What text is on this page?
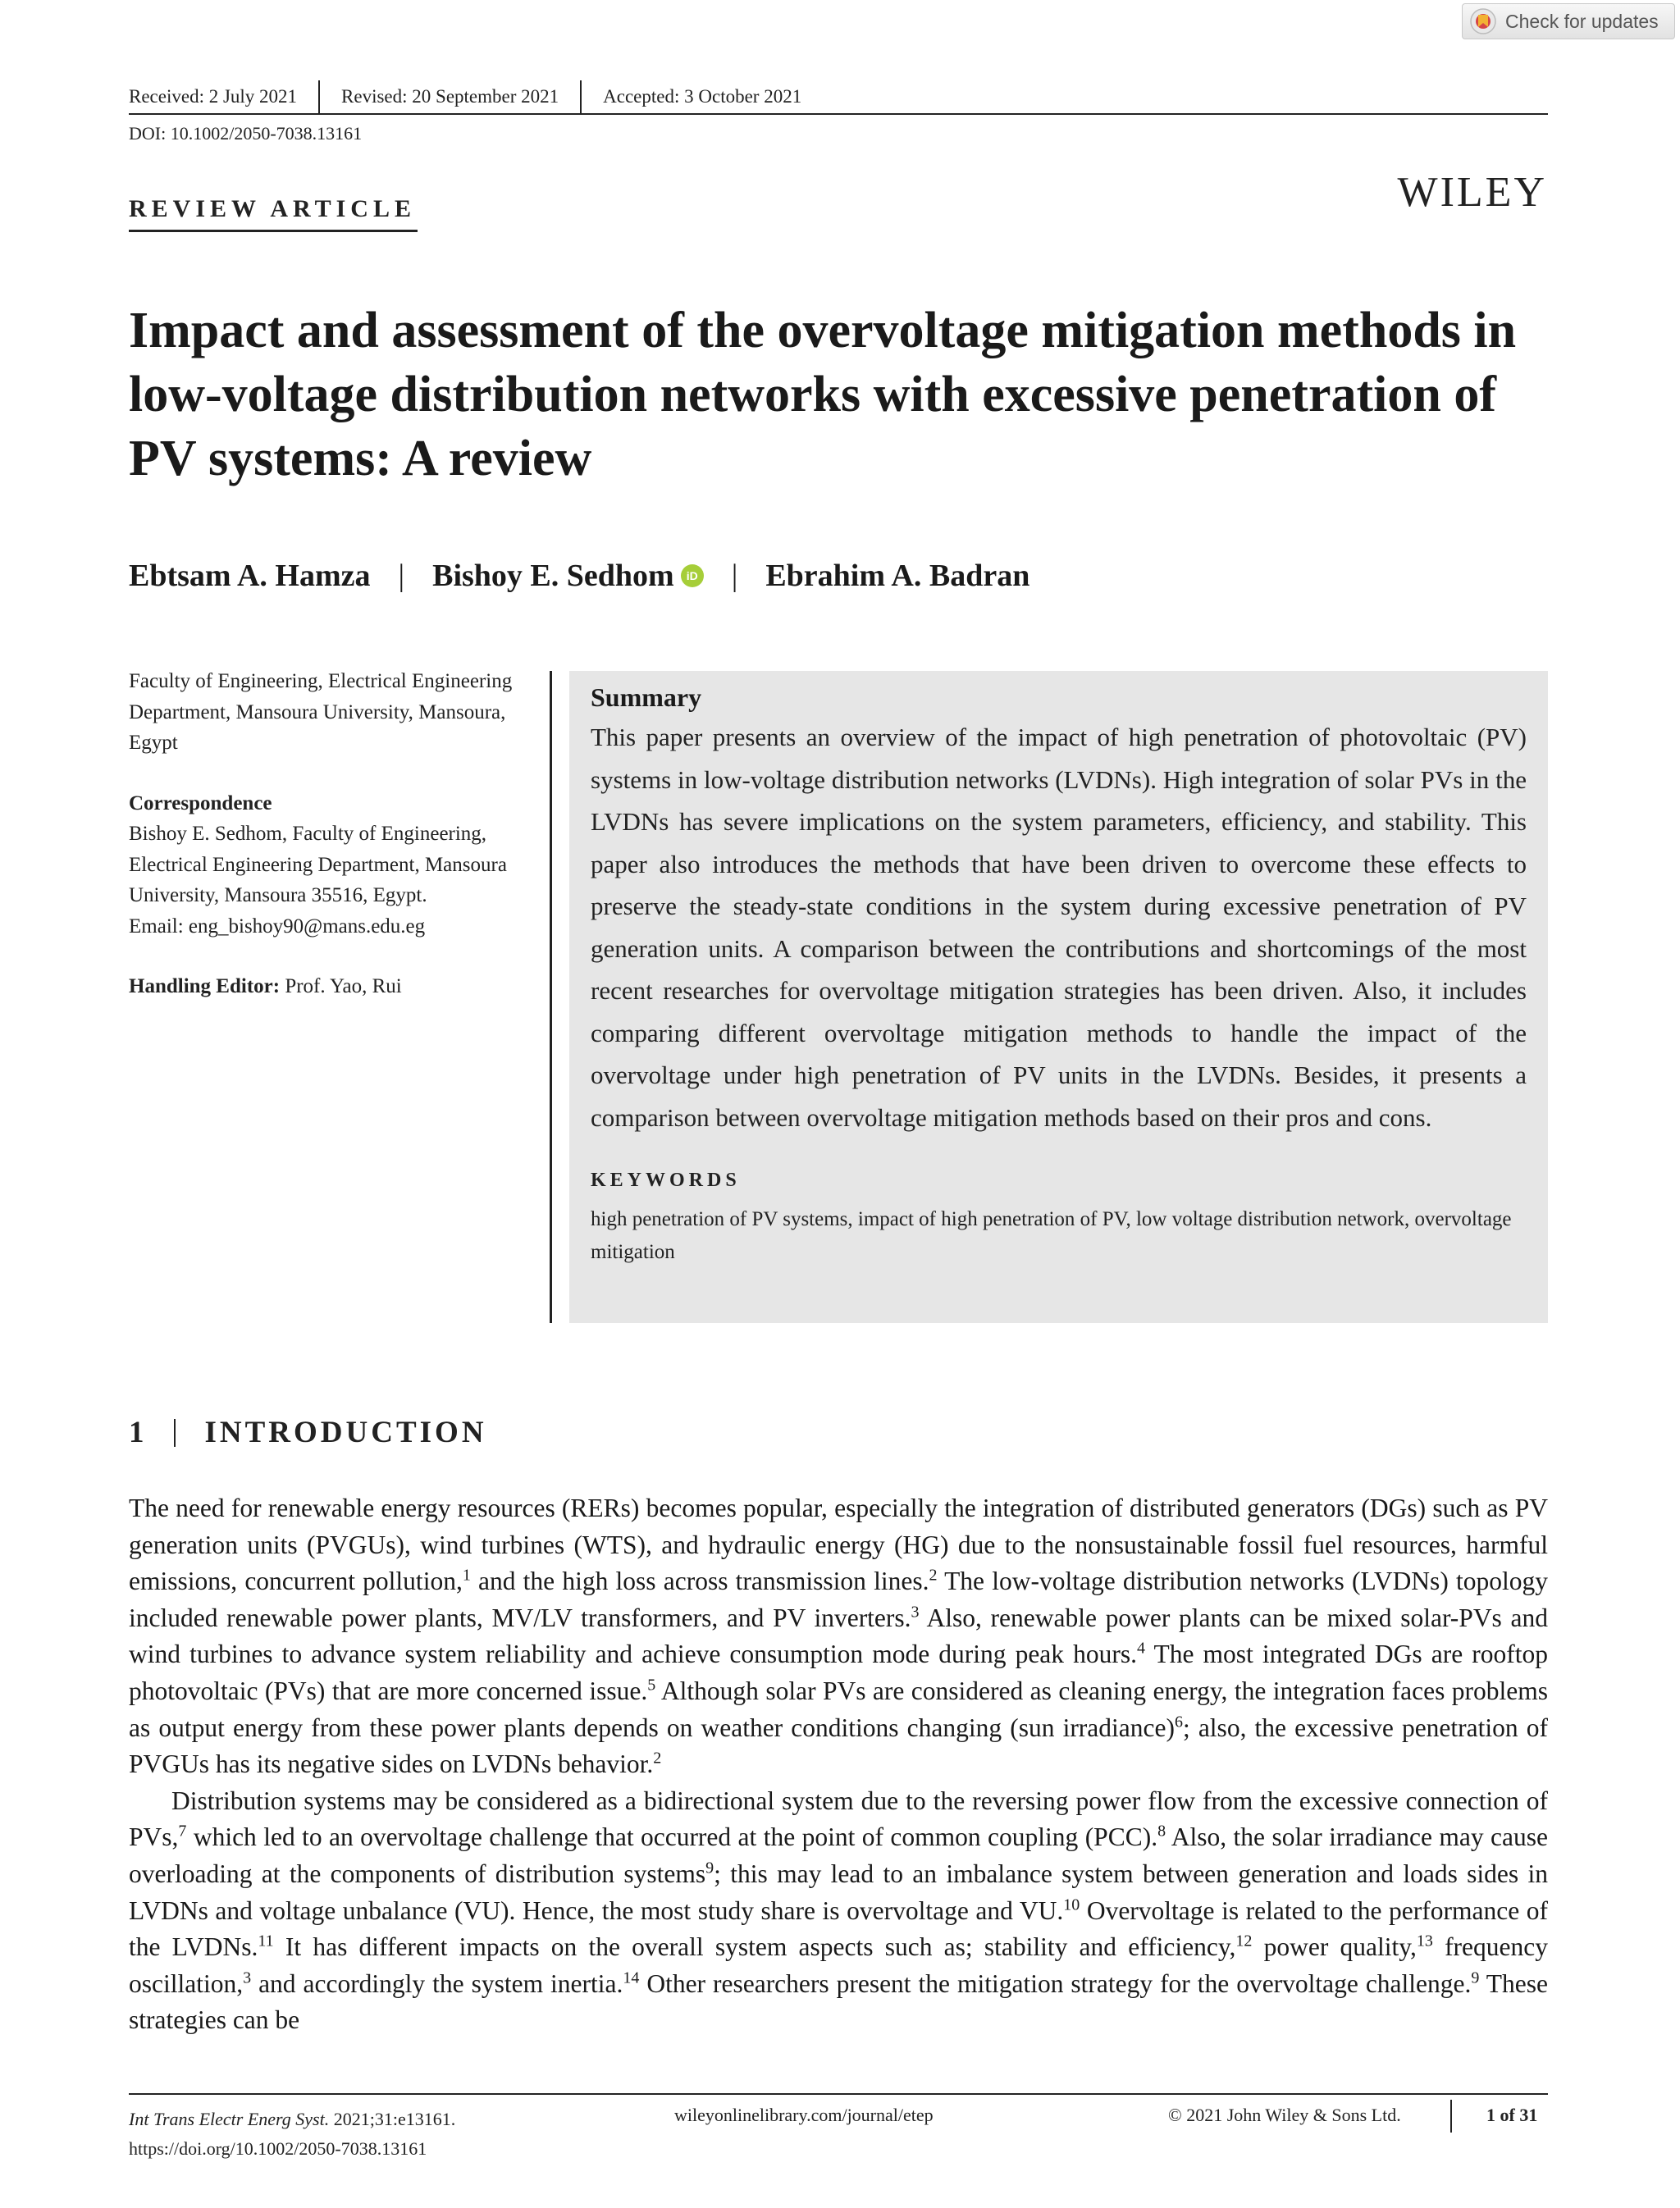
Check for updates
Received: 2 July 2021 Revised: 20 September 2021 Accepted: 3 October 2021
DOI: 10.1002/2050-7038.13161
REVIEW ARTICLE	WILEY
Impact and assessment of the overvoltage mitigation methods in low-voltage distribution networks with excessive penetration of PV systems: A review
Ebtsam A. Hamza | Bishoy E. Sedhom	iD | Ebrahim A. Badran

Faculty of Engineering, Electrical Engineering Department, Mansoura University, Mansoura, Egypt

Correspondence

Bishoy E. Sedhom, Faculty of Engineering, Electrical Engineering Department, Mansoura University, Mansoura 35516, Egypt.

Email: eng_bishoy90@mans.edu.eg

Handling Editor: Prof. Yao, Rui

Summary

This paper presents an overview of the impact of high penetration of photovoltaic (PV) systems in low-voltage distribution networks (LVDNs). High integration of solar PVs in the LVDNs has severe implications on the system parameters, efficiency, and stability. This paper also introduces the methods that have been driven to overcome these effects to preserve the steady-state conditions in the system during excessive penetration of PV generation units. A comparison between the contributions and shortcomings of the most recent researches for overvoltage mitigation strategies has been driven. Also, it includes comparing different overvoltage mitigation methods to handle the impact of the overvoltage under high penetration of PV units in the LVDNs. Besides, it presents a comparison between overvoltage mitigation methods based on their pros and cons.

KEYWORDS
high penetration of PV systems, impact of high penetration of PV, low voltage distribution network, overvoltage mitigation
1 INTRODUCTION

The need for renewable energy resources (RERs) becomes popular, especially the integration of distributed generators (DGs) such as PV generation units (PVGUs), wind turbines (WTS), and hydraulic energy (HG) due to the nonsustainable fossil fuel resources, harmful emissions, concurrent pollution,$^1$ and the high loss across transmission lines.$^2$ The low-voltage distribution networks (LVDNs) topology included renewable power plants, MV/LV transformers, and PV inverters.$^3$ Also, renewable power plants can be mixed solar-PVs and wind turbines to advance system reliability and achieve consumption mode during peak hours.$^4$ The most integrated DGs are rooftop photovoltaic (PVs) that are more concerned issue.$^5$ Although solar PVs are considered as cleaning energy, the integration faces problems as output energy from these power plants depends on weather conditions changing (sun irradiance)$^6$; also, the excessive penetration of PVGUs has its negative sides on LVDNs behavior.$^2$

Distribution systems may be considered as a bidirectional system due to the reversing power flow from the excessive connection of PVs,$^7$ which led to an overvoltage challenge that occurred at the point of common coupling (PCC).$^8$ Also, the solar irradiance may cause overloading at the components of distribution systems$^9$; this may lead to an imbalance system between generation and loads sides in LVDNs and voltage unbalance (VU). Hence, the most study share is overvoltage and VU.$^{10}$ Overvoltage is related to the performance of the LVDNs.$^{11}$ It has different impacts on the overall system aspects such as; stability and efficiency,$^{12}$ power quality,$^{13}$ frequency oscillation,$^3$ and accordingly the system inertia.$^{14}$ Other researchers present the mitigation strategy for the overvoltage challenge.$^9$ These strategies can be

Int Trans Electr Energ Syst. 2021;31:e13161.
https://doi.org/10.1002/2050-7038.13161
wileyonlinelibrary.com/journal/etep	© 2021 John Wiley & Sons Ltd.	1 of 31
